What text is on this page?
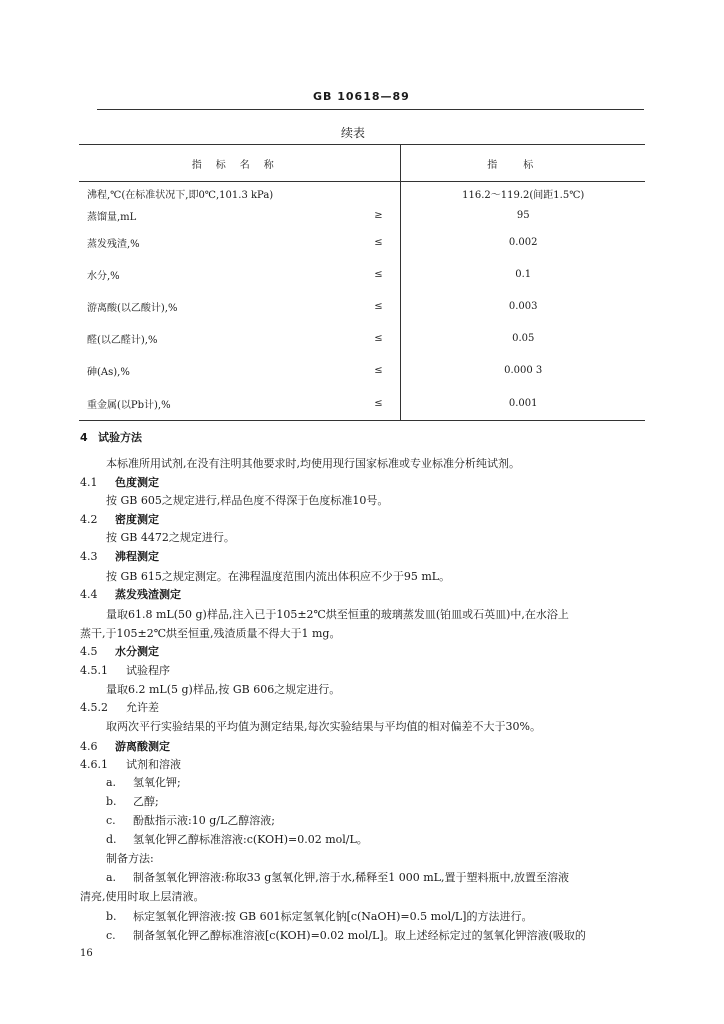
GB 10618—89
续表
指标名称		指标
沸程,℃(在标准状况下,即0℃,101.3 kPa)		116.2～119.2(间距1.5℃)
蒸馏量,mL	≥	95
蒸发残渣,%	≤	0.002
水分,%	≤	0.1
游离酸(以乙酸计),%	≤	0.003
醛(以乙醛计),%	≤	0.05
砷(As),%	≤	0.000 3
重金属(以Pb计),%	≤	0.001
4 试验方法
本标准所用试剂,在没有注明其他要求时,均使用现行国家标准或专业标准分析纯试剂。
4.1 色度测定
按 GB 605之规定进行,样品色度不得深于色度标准10号。
4.2 密度测定
按 GB 4472之规定进行。
4.3 沸程测定
按 GB 615之规定测定。在沸程温度范围内流出体积应不少于95 mL。
4.4 蒸发残渣测定
量取61.8 mL(50 g)样品,注入已于105±2℃烘至恒重的玻璃蒸发皿(铂皿或石英皿)中,在水浴上
蒸干,于105±2℃烘至恒重,残渣质量不得大于1 mg。
4.5 水分测定
4.5.1 试验程序
量取6.2 mL(5 g)样品,按 GB 606之规定进行。
4.5.2 允许差
取两次平行实验结果的平均值为测定结果,每次实验结果与平均值的相对偏差不大于30%。
4.6 游离酸测定
4.6.1 试剂和溶液
a. 氢氧化钾;
b. 乙醇;
c. 酚酞指示液:10 g/L乙醇溶液;
d. 氢氧化钾乙醇标准溶液:c(KOH)=0.02 mol/L。
制备方法:
a. 制备氢氧化钾溶液:称取33 g氢氧化钾,溶于水,稀释至1 000 mL,置于塑料瓶中,放置至溶液
清亮,使用时取上层清液。
b. 标定氢氧化钾溶液:按 GB 601标定氢氧化钠[c(NaOH)=0.5 mol/L]的方法进行。
c. 制备氢氧化钾乙醇标准溶液[c(KOH)=0.02 mol/L]。取上述经标定过的氢氧化钾溶液(吸取的
16
